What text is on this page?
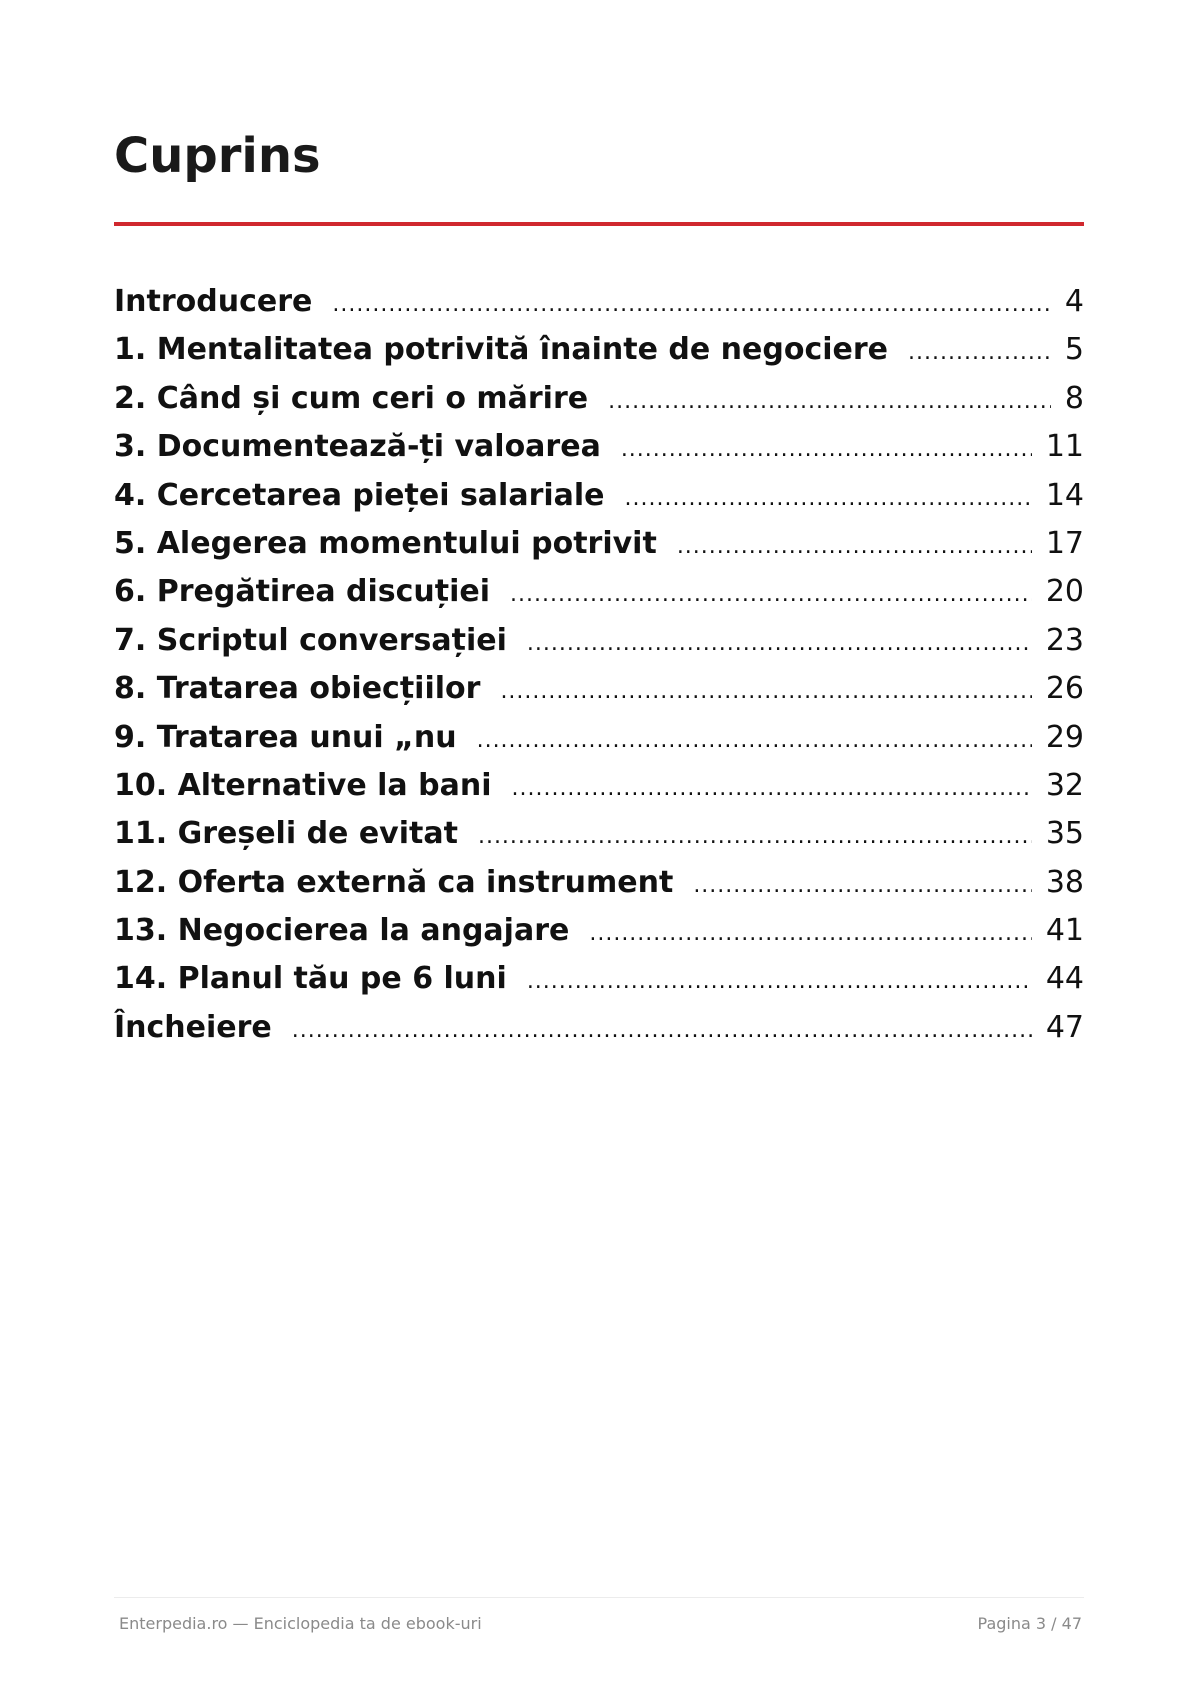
Cuprins
Introducere .....	4
1. Mentalitatea potrivită înainte de negociere .....	5
2. Când și cum ceri o mărire .....	8
3. Documentează-ți valoarea .....	11
4. Cercetarea pieței salariale .....	14
5. Alegerea momentului potrivit .....	17
6. Pregătirea discuției .....	20
7. Scriptul conversației .....	23
8. Tratarea obiecțiilor .....	26
9. Tratarea unui „nu .....	29
10. Alternative la bani .....	32
11. Greșeli de evitat .....	35
12. Oferta externă ca instrument .....	38
13. Negocierea la angajare .....	41
14. Planul tău pe 6 luni .....	44
Încheiere .....	47
Enterpedia.ro — Enciclopedia ta de ebook-uri	Pagina 3 / 47
